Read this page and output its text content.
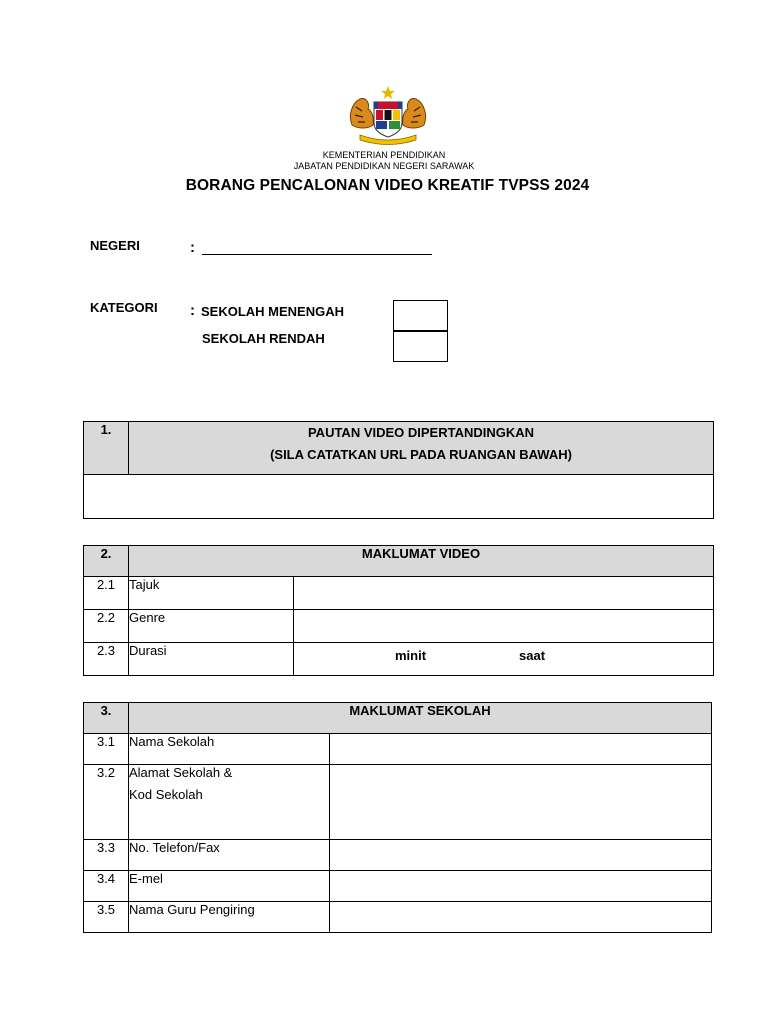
KEMENTERIAN PENDIDIKAN
JABATAN PENDIDIKAN NEGERI SARAWAK
BORANG PENCALONAN VIDEO KREATIF TVPSS 2024
NEGERI	:
KATEGORI : SEKOLAH MENENGAH
SEKOLAH RENDAH
1.	PAUTAN VIDEO DIPERTANDINGKAN
(SILA CATATKAN URL PADA RUANGAN BAWAH)

2.	MAKLUMAT VIDEO	
2.1	Tajuk	
2.2	Genre	
2.3	Durasi	minit saat
3.	MAKLUMAT SEKOLAH	
3.1	Nama Sekolah	
3.2	Alamat Sekolah &
Kod Sekolah	

3.3	No. Telefon/Fax	
3.4	E-mel	
3.5	Nama Guru Pengiring	
